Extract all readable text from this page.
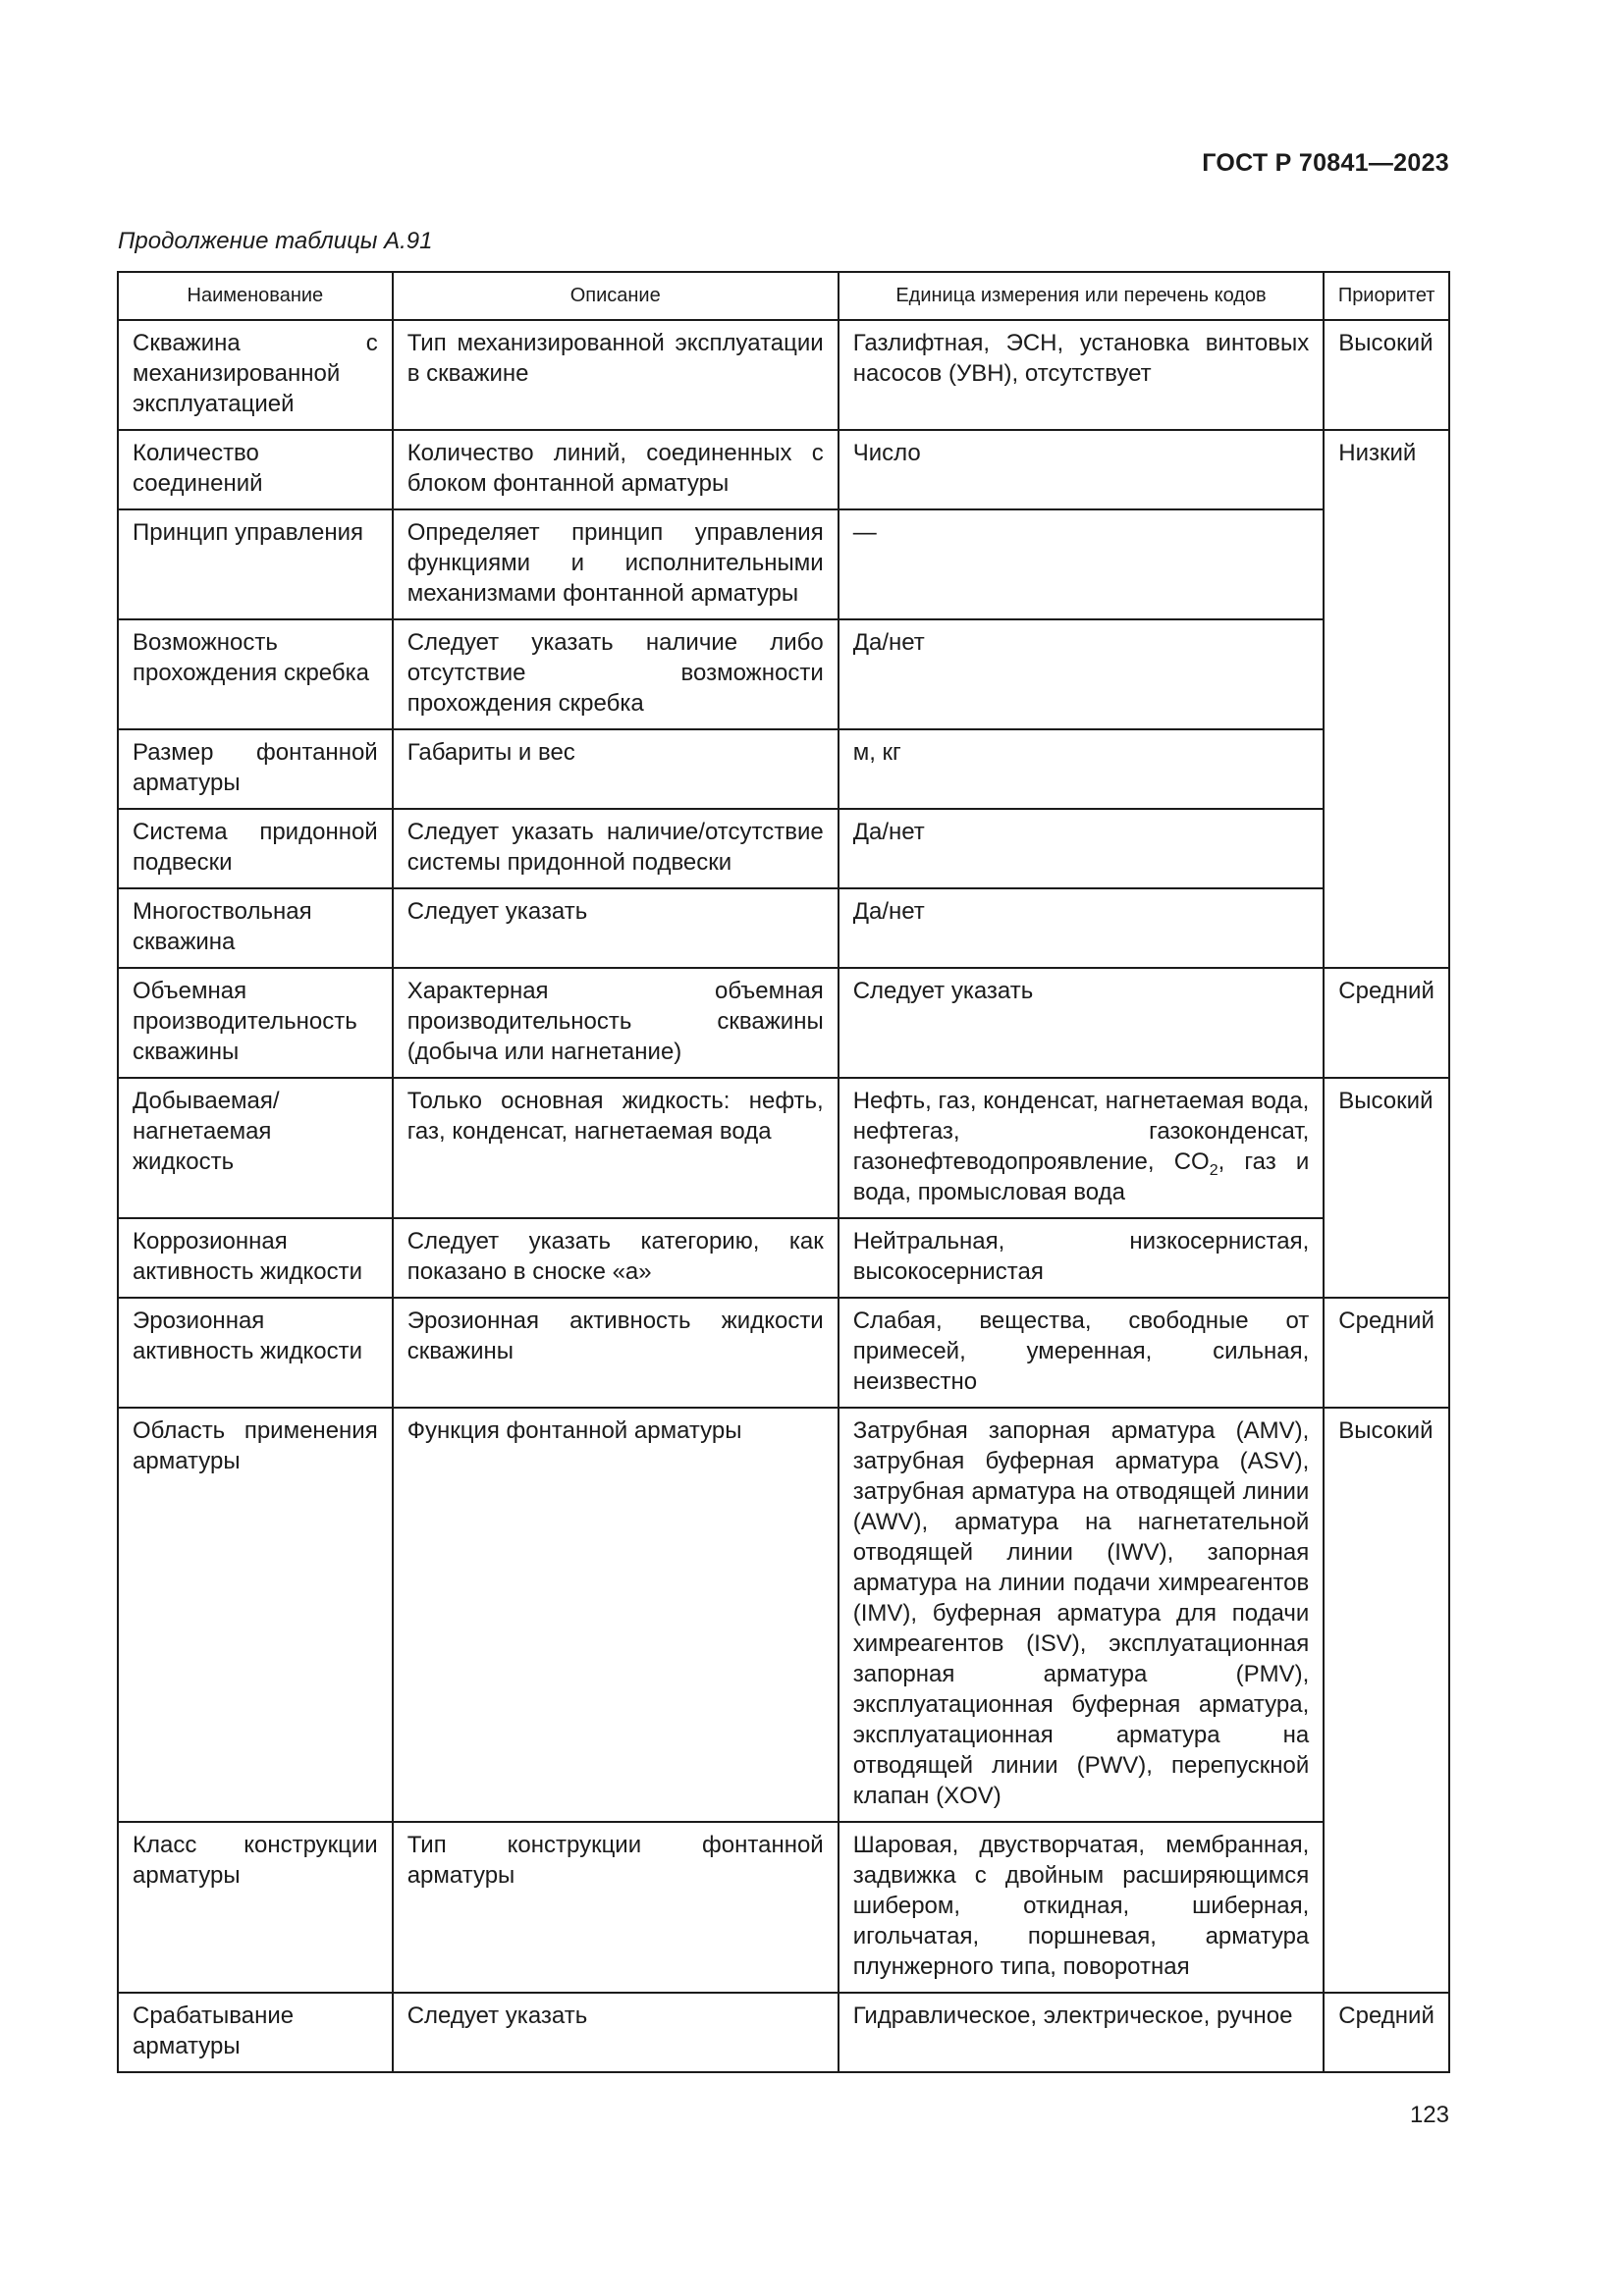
ГОСТ Р 70841—2023
Продолжение таблицы А.91
Наименование	Описание	Единица измерения или перечень кодов	Приоритет
Скважина с механизированной эксплуатацией	Тип механизированной эксплуатации в скважине	Газлифтная, ЭСН, установка винтовых насосов (УВН), отсутствует	Высокий
Количество соединений	Количество линий, соединенных с блоком фонтанной арматуры	Число	Низкий
Принцип управления	Определяет принцип управления функциями и исполнительными механизмами фонтанной арматуры	—	
Возможность прохождения скребка	Следует указать наличие либо отсутствие возможности прохождения скребка	Да/нет	
Размер фонтанной арматуры	Габариты и вес	м, кг	
Система придонной подвески	Следует указать наличие/отсутствие системы придонной подвески	Да/нет	
Многоствольная скважина	Следует указать	Да/нет	
Объемная производительность скважины	Характерная объемная производительность скважины (добыча или нагнетание)	Следует указать	Средний
Добываемая/нагнетаемая жидкость	Только основная жидкость: нефть, газ, конденсат, нагнетаемая вода	Нефть, газ, конденсат, нагнетаемая вода, нефтегаз, газоконденсат, газонефтеводопроявление, $CO_2$, газ и вода, промысловая вода	Высокий
Коррозионная активность жидкости	Следует указать категорию, как показано в сноске «а»	Нейтральная, низкосернистая, высокосернистая	
Эрозионная активность жидкости	Эрозионная активность жидкости скважины	Слабая, вещества, свободные от примесей, умеренная, сильная, неизвестно	Средний
Область применения арматуры	Функция фонтанной арматуры	Затрубная запорная арматура (AMV), затрубная буферная арматура (ASV), затрубная арматура на отводящей линии (AWV), арматура на нагнетательной отводящей линии (IWV), запорная арматура на линии подачи химреагентов (IMV), буферная арматура для подачи химреагентов (ISV), эксплуатационная запорная арматура (PMV), эксплуатационная буферная арматура, эксплуатационная арматура на отводящей линии (PWV), перепускной клапан (XOV)	Высокий
Класс конструкции арматуры	Тип конструкции фонтанной арматуры	Шаровая, двустворчатая, мембранная, задвижка с двойным расширяющимся шибером, откидная, шиберная, игольчатая, поршневая, арматура плунжерного типа, поворотная	
Срабатывание арматуры	Следует указать	Гидравлическое, электрическое, ручное	Средний
123
